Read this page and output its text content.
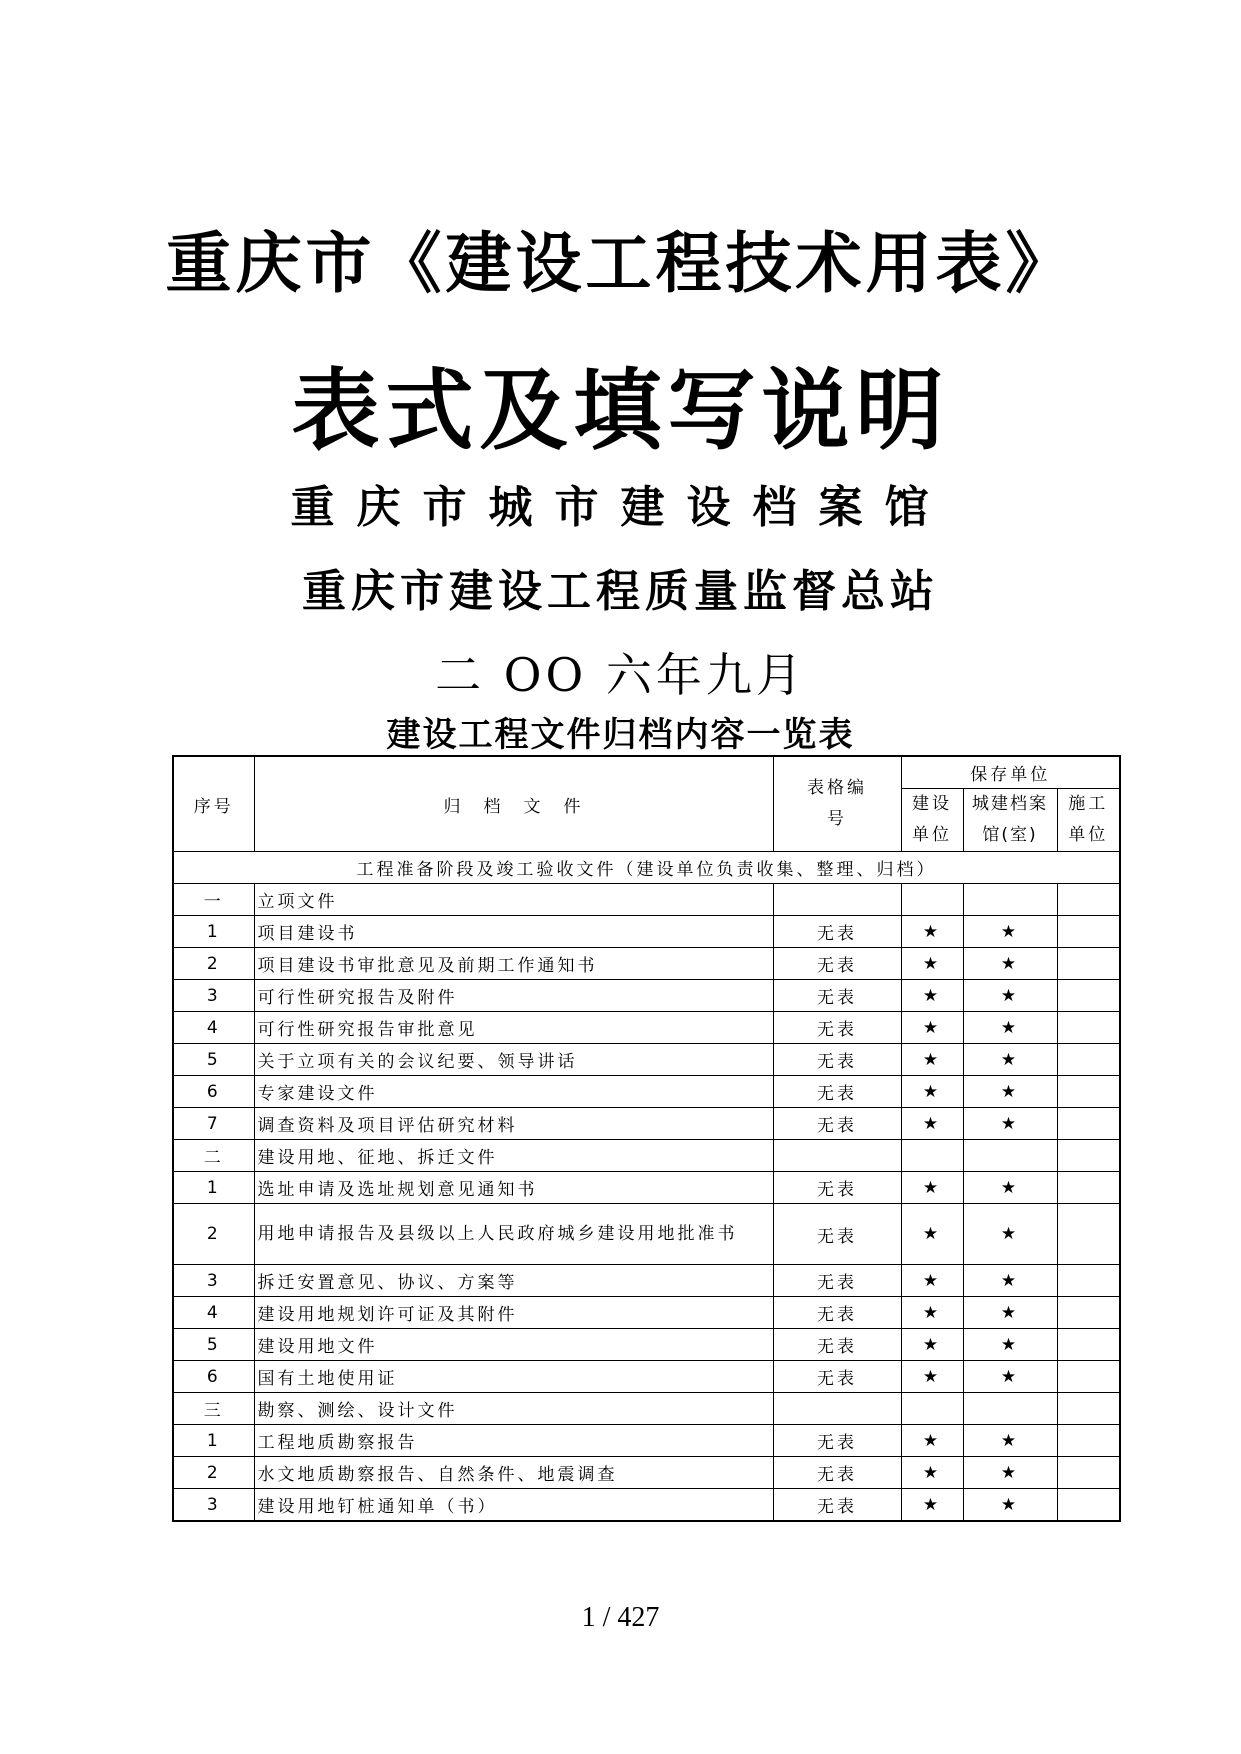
重庆市《建设工程技术用表》
表式及填写说明
重庆市城市建设档案馆
重庆市建设工程质量监督总站
二 OO 六年九月
建设工程文件归档内容一览表
序号	归　档　文　件	表格编号	保存单位		
			建设单位	城建档案馆(室)	施工单位

工程准备阶段及竣工验收文件（建设单位负责收集、整理、归档）					
一	立项文件				
1	项目建设书	无表	★	★	
2	项目建设书审批意见及前期工作通知书	无表	★	★	
3	可行性研究报告及附件	无表	★	★	
4	可行性研究报告审批意见	无表	★	★	
5	关于立项有关的会议纪要、领导讲话	无表	★	★	
6	专家建设文件	无表	★	★	
7	调查资料及项目评估研究材料	无表	★	★	
二	建设用地、征地、拆迁文件				
1	选址申请及选址规划意见通知书	无表	★	★	
2	用地申请报告及县级以上人民政府城乡建设用地批准书	无表	★	★	
3	拆迁安置意见、协议、方案等	无表	★	★	
4	建设用地规划许可证及其附件	无表	★	★	
5	建设用地文件	无表	★	★	
6	国有土地使用证	无表	★	★	
三	勘察、测绘、设计文件				
1	工程地质勘察报告	无表	★	★	
2	水文地质勘察报告、自然条件、地震调查	无表	★	★	
3	建设用地钉桩通知单（书）	无表	★	★	
1 / 427
